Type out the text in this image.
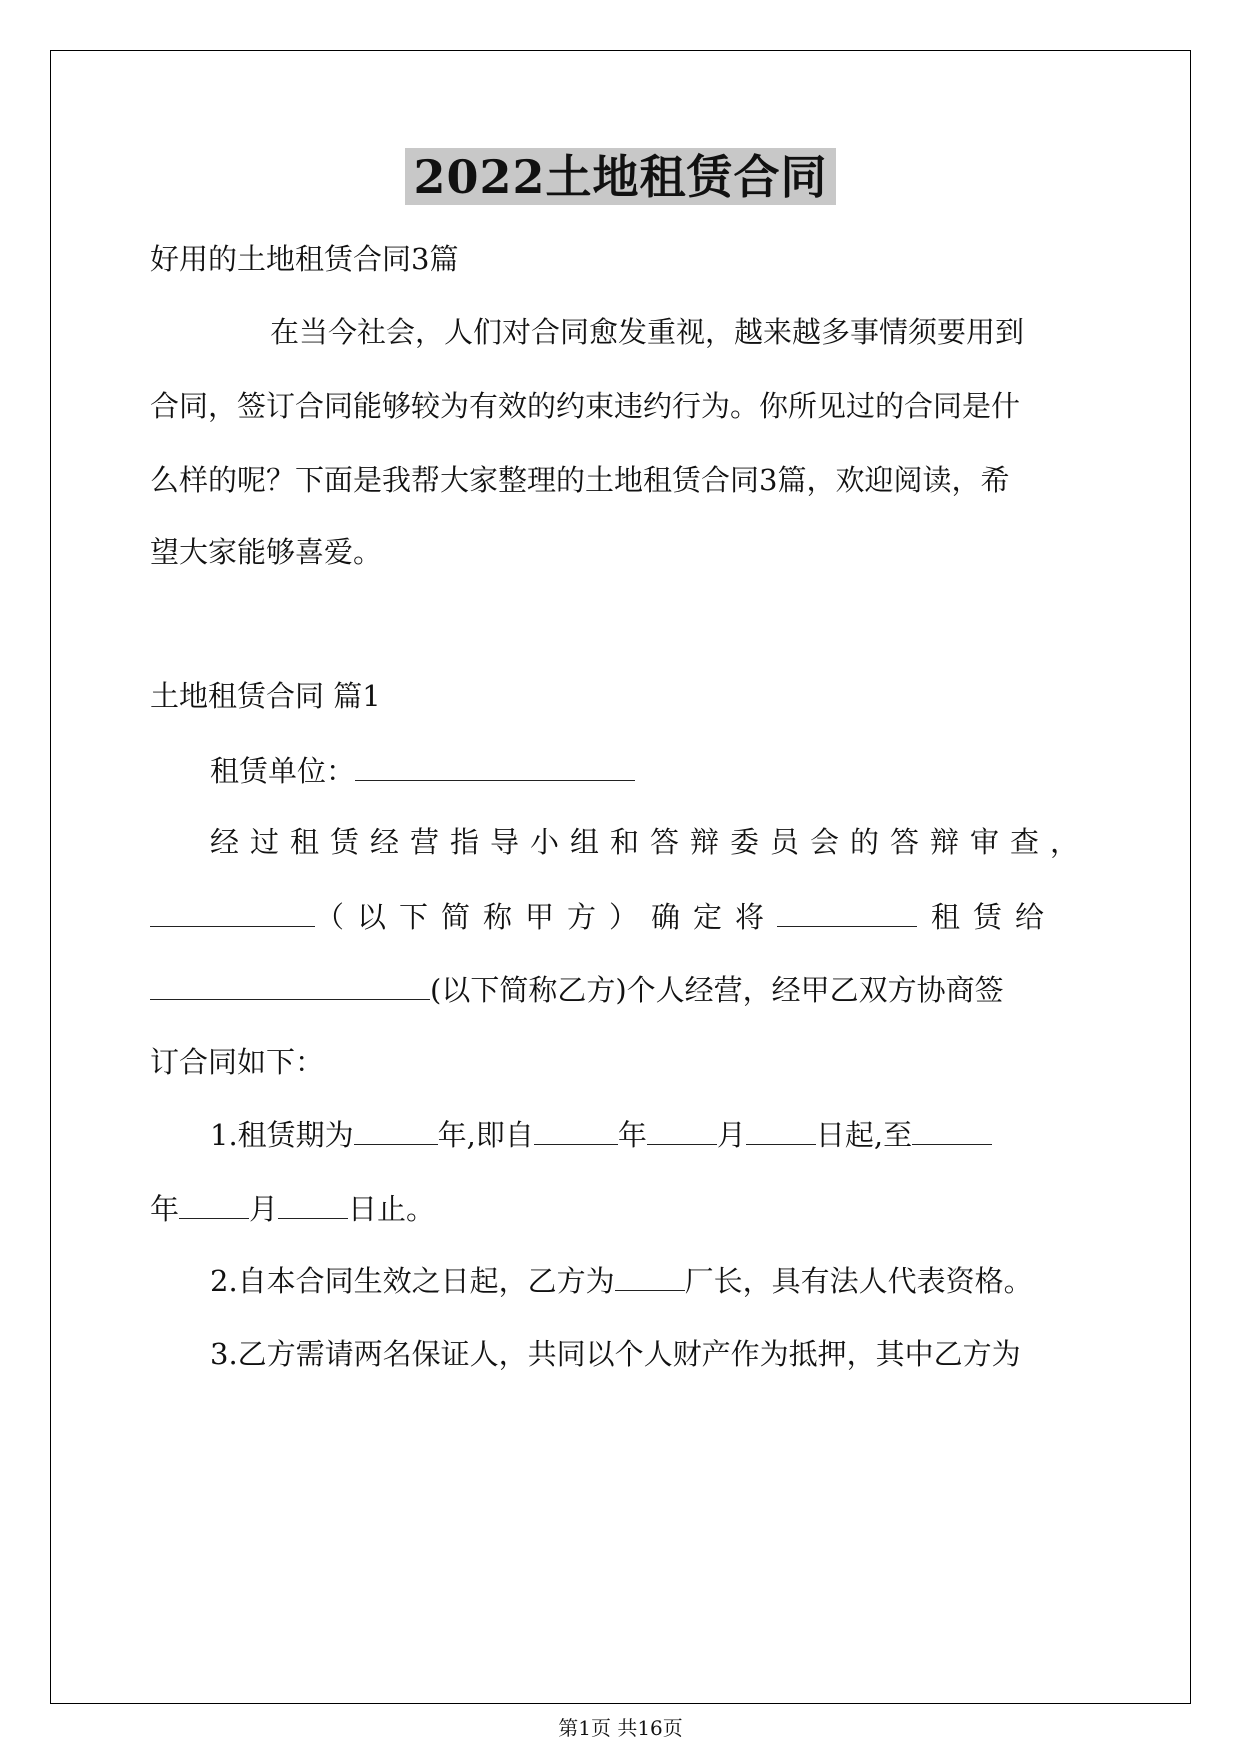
2022土地租赁合同
好用的土地租赁合同3篇
在当今社会，人们对合同愈发重视，越来越多事情须要用到
合同，签订合同能够较为有效的约束违约行为。你所见过的合同是什
么样的呢？下面是我帮大家整理的土地租赁合同3篇，欢迎阅读，希
望大家能够喜爱。
土地租赁合同 篇1
租赁单位：
经过租赁经营指导小组和答辩委员会的答辩审查，
（以下简称甲方）确定将	租赁给
(以下简称乙方)个人经营，经甲乙双方协商签
订合同如下：
1.租赁期为	年,即自	年 月 日起,至
年 月 日止。
2.自本合同生效之日起，乙方为 厂长，具有法人代表资格。
3.乙方需请两名保证人，共同以个人财产作为抵押，其中乙方为
第1页 共16页
